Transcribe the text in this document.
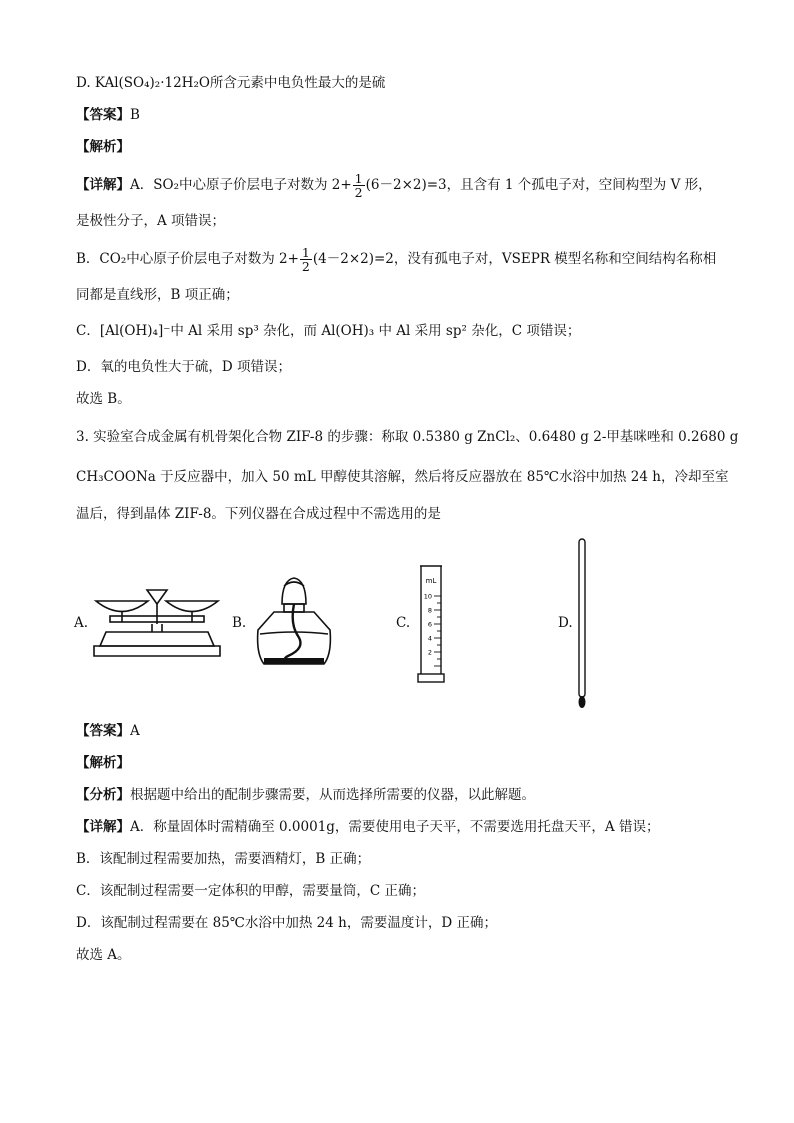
D. KAl(SO₄)₂·12H₂O所含元素中电负性最大的是硫
【答案】B
【解析】
【详解】A．SO₂中心原子价层电子对数为 $2+ \frac{1}{2} (6-2\times 2)=3$，且含有 1 个孤电子对，空间构型为 V 形，
是极性分子，A 项错误；
B．CO₂中心原子价层电子对数为 $2+ \frac{1}{2} (4-2\times 2)=2$，没有孤电子对，VSEPR 模型名称和空间结构名称相
同都是直线形，B 项正确；
C．[Al(OH)₄]⁻中 Al 采用 sp³ 杂化，而 Al(OH)₃ 中 Al 采用 sp² 杂化，C 项错误；
D．氧的电负性大于硫，D 项错误；
故选 B。
3. 实验室合成金属有机骨架化合物 ZIF-8 的步骤：称取 0.5380 g ZnCl₂、0.6480 g 2-甲基咪唑和 0.2680 g
CH₃COONa 于反应器中，加入 50 mL 甲醇使其溶解，然后将反应器放在 85℃水浴中加热 24 h，冷却至室
温后，得到晶体 ZIF-8。下列仪器在合成过程中不需选用的是
A.	B.	C.
mL
10
8
6
4
2
D.
【答案】A
【解析】
【分析】根据题中给出的配制步骤需要，从而选择所需要的仪器，以此解题。
【详解】A．称量固体时需精确至 0.0001g，需要使用电子天平，不需要选用托盘天平，A 错误；
B．该配制过程需要加热，需要酒精灯，B 正确；
C．该配制过程需要一定体积的甲醇，需要量筒，C 正确；
D．该配制过程需要在 85℃水浴中加热 24 h，需要温度计，D 正确；
故选 A。
